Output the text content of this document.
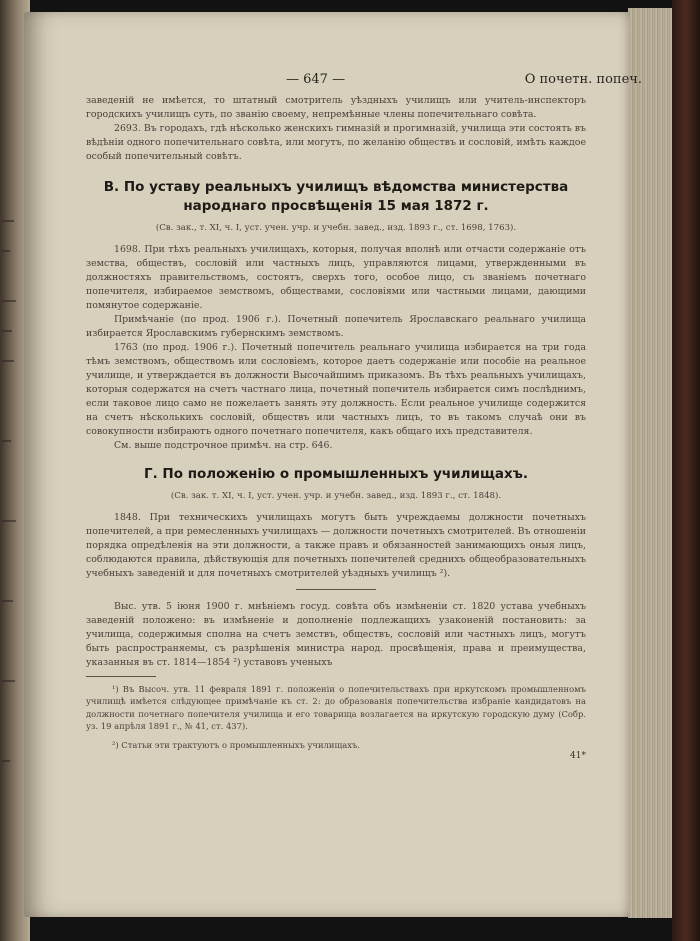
— 647 —	О почетн. попеч.

заведеній не имѣется, то штатный смотритель уѣздныхъ училищъ или учитель-инспекторъ городскихъ училищъ суть, по званію своему, непремѣнные члены попечительнаго совѣта.

2693. Въ городахъ, гдѣ нѣсколько женскихъ гимназій и прогимназій, училища эти состоять въ вѣдѣніи одного попечительнаго совѣта, или могутъ, по желанію обществъ и сословій, имѣть каждое особый попечительный совѣтъ.

В. По уставу реальныхъ училищъ вѣдомства министерства народнаго просвѣщенія 15 мая 1872 г.

(Св. зак., т. XI, ч. I, уст. учен. учр. и учебн. завед., изд. 1893 г., ст. 1698, 1763).

1698. При тѣхъ реальныхъ училищахъ, которыя, получая вполнѣ или отчасти содержаніе отъ земства, обществъ, сословій или частныхъ лицъ, управляются лицами, утвержденными въ должностяхъ правительствомъ, состоятъ, сверхъ того, особое лицо, съ званіемъ почетнаго попечителя, избираемое земствомъ, обществами, сословіями или частными лицами, дающими помянутое содержаніе.

Примѣчаніе (по прод. 1906 г.). Почетный попечитель Ярославскаго реальнаго училища избирается Ярославскимъ губернскимъ земствомъ.

1763 (по прод. 1906 г.). Почетный попечитель реальнаго училища избирается на три года тѣмъ земствомъ, обществомъ или сословіемъ, которое даетъ содержаніе или пособіе на реальное училище, и утверждается въ должности Высочайшимъ приказомъ. Въ тѣхъ реальныхъ училищахъ, которыя содержатся на счетъ частнаго лица, почетный попечитель избирается симъ послѣднимъ, если таковое лицо само не пожелаетъ занять эту должность. Если реальное училище содержится на счетъ нѣсколькихъ сословій, обществъ или частныхъ лицъ, то въ такомъ случаѣ они въ совокупности избираютъ одного почетнаго попечителя, какъ общаго ихъ представителя.

См. выше подстрочное примѣч. на стр. 646.

Г. По положенію о промышленныхъ училищахъ.

(Св. зак. т. XI, ч. I, уст. учен. учр. и учебн. завед., изд. 1893 г., ст. 1848).

1848. При техническихъ училищахъ могутъ быть учреждаемы должности почетныхъ попечителей, а при ремесленныхъ училищахъ — должности почетныхъ смотрителей. Въ отношеніи порядка опредѣленія на эти должности, а также правъ и обязанностей занимающихъ оныя лицъ, соблюдаются правила, дѣйствующія для почетныхъ попечителей среднихъ общеобразовательныхъ учебныхъ заведеній и для почетныхъ смотрителей уѣздныхъ училищъ ²).

Выс. утв. 5 іюня 1900 г. мнѣніемъ госуд. совѣта объ измѣненіи ст. 1820 устава учебныхъ заведеній положено: въ измѣненіе и дополненіе подлежащихъ узаконеній постановить: за училища, содержимыя сполна на счетъ земствъ, обществъ, сословій или частныхъ лицъ, могутъ быть распространяемы, съ разрѣшенія министра народ. просвѣщенія, права и преимущества, указанныя въ ст. 1814—1854 ²) уставовъ ученыхъ

¹) Въ Высоч. утв. 11 февраля 1891 г. положеніи о попечительствахъ при иркутскомъ промышленномъ училищѣ имѣется слѣдующее примѣчаніе къ ст. 2: до образованія попечительства избраніе кандидатовъ на должности почетнаго попечителя училища и его товарища возлагается на иркутскую городскую думу (Собр. уз. 19 апрѣля 1891 г., № 41, ст. 437).

²) Статьи эти трактуютъ о промышленныхъ училищахъ.

41*
